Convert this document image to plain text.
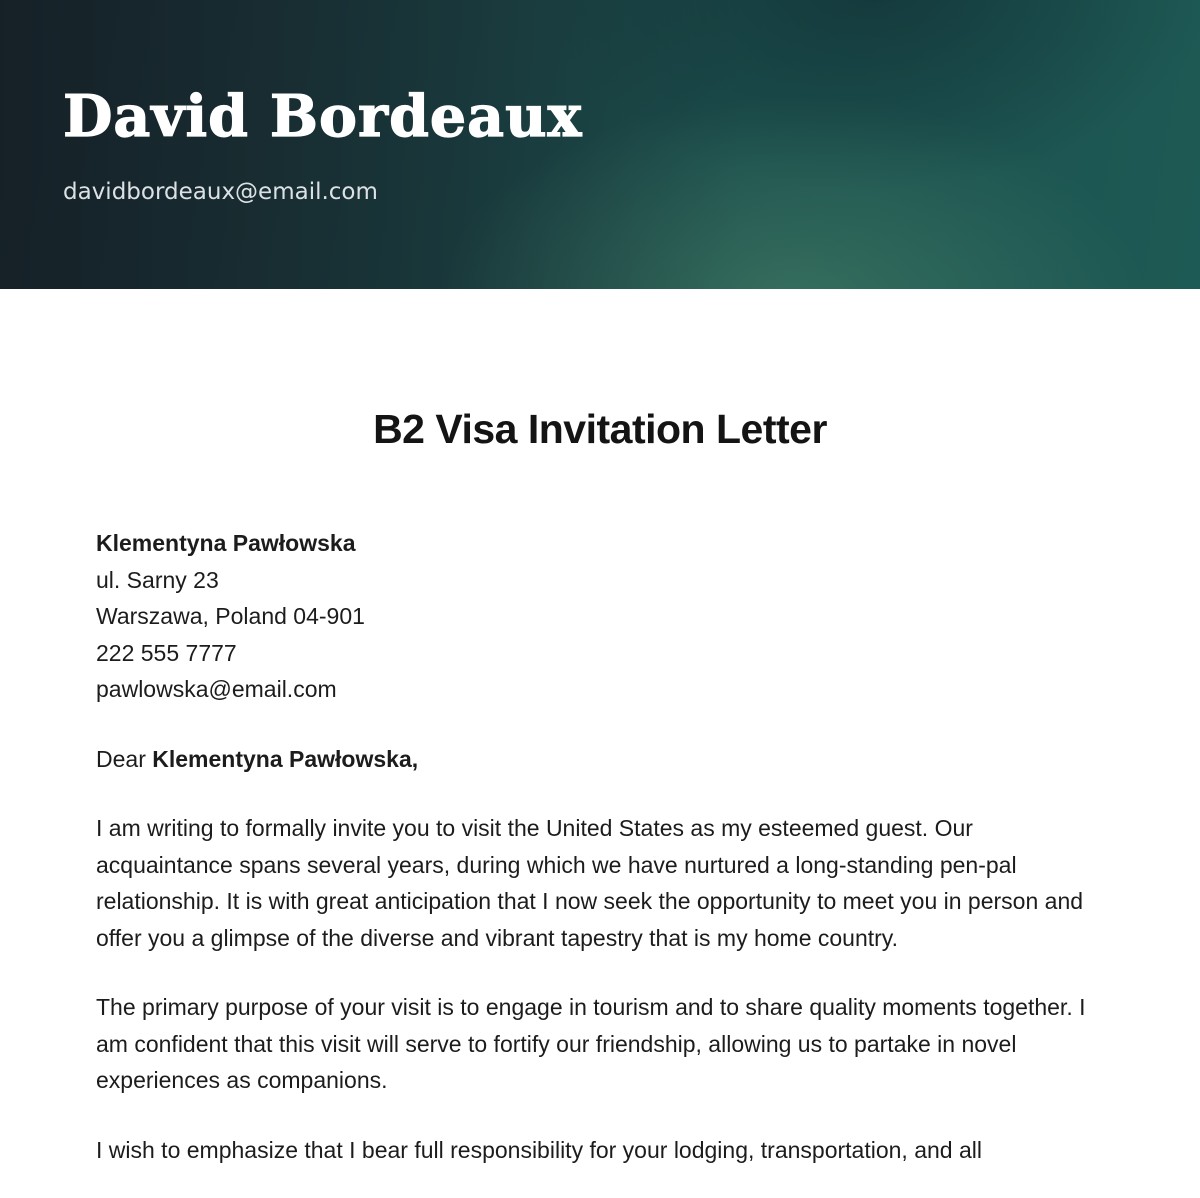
David Bordeaux
davidbordeaux@email.com
B2 Visa Invitation Letter

Klementyna Pawłowska

ul. Sarny 23

Warszawa, Poland 04-901

222 555 7777

pawlowska@email.com

Dear Klementyna Pawłowska,

I am writing to formally invite you to visit the United States as my esteemed guest. Our acquaintance spans several years, during which we have nurtured a long-standing pen-pal relationship. It is with great anticipation that I now seek the opportunity to meet you in person and offer you a glimpse of the diverse and vibrant tapestry that is my home country.

The primary purpose of your visit is to engage in tourism and to share quality moments together. I am confident that this visit will serve to fortify our friendship, allowing us to partake in novel experiences as companions.

I wish to emphasize that I bear full responsibility for your lodging, transportation, and all
